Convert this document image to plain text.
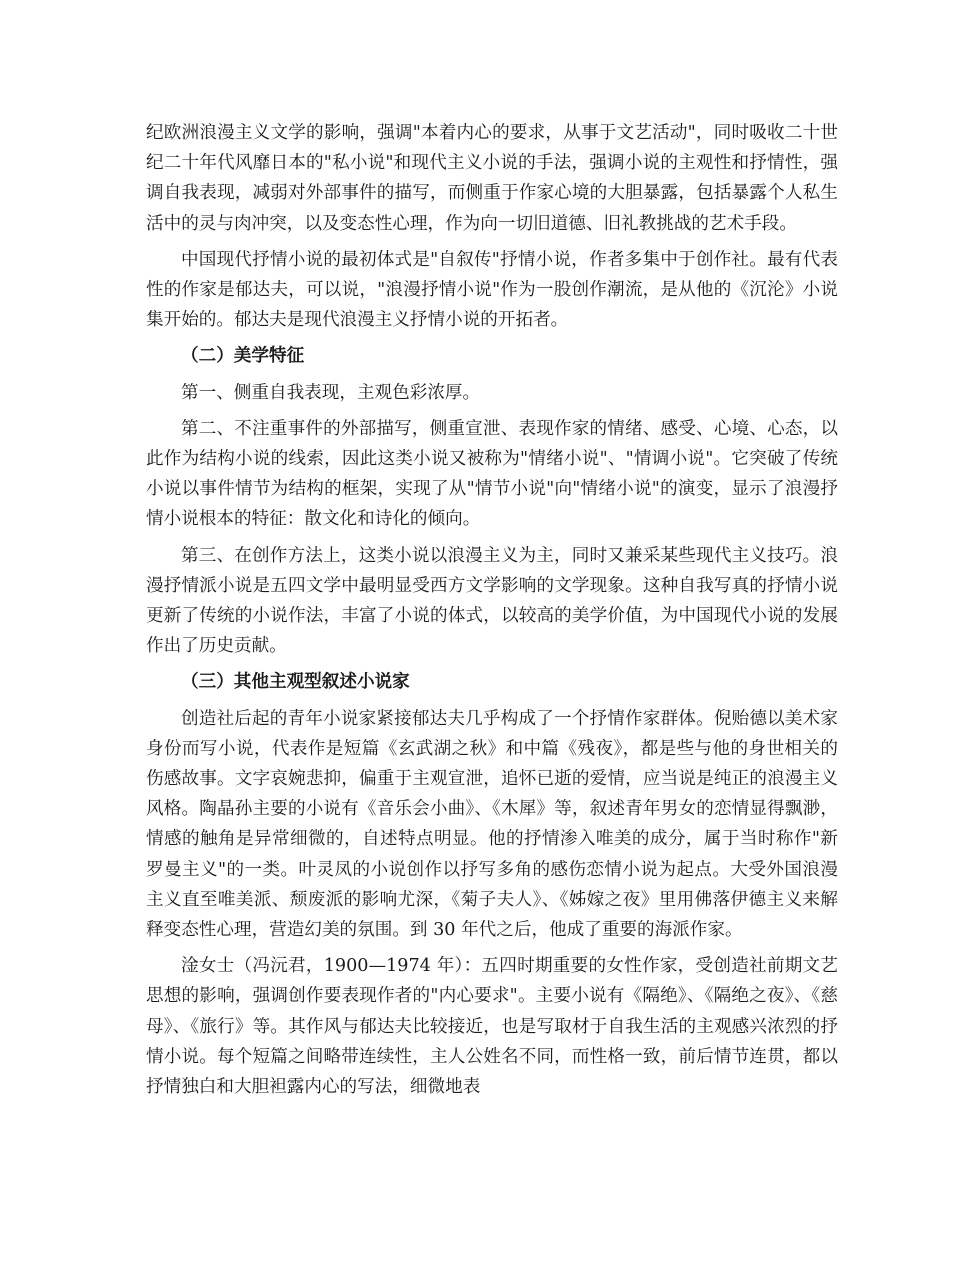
纪欧洲浪漫主义文学的影响，强调"本着内心的要求，从事于文艺活动"，同时吸收二十世纪二十年代风靡日本的"私小说"和现代主义小说的手法，强调小说的主观性和抒情性，强调自我表现，减弱对外部事件的描写，而侧重于作家心境的大胆暴露，包括暴露个人私生活中的灵与肉冲突，以及变态性心理，作为向一切旧道德、旧礼教挑战的艺术手段。

中国现代抒情小说的最初体式是"自叙传"抒情小说，作者多集中于创作社。最有代表性的作家是郁达夫，可以说，"浪漫抒情小说"作为一股创作潮流，是从他的《沉沦》小说集开始的。郁达夫是现代浪漫主义抒情小说的开拓者。

（二）美学特征

第一、侧重自我表现，主观色彩浓厚。

第二、不注重事件的外部描写，侧重宣泄、表现作家的情绪、感受、心境、心态，以此作为结构小说的线索，因此这类小说又被称为"情绪小说"、"情调小说"。它突破了传统小说以事件情节为结构的框架，实现了从"情节小说"向"情绪小说"的演变，显示了浪漫抒情小说根本的特征：散文化和诗化的倾向。

第三、在创作方法上，这类小说以浪漫主义为主，同时又兼采某些现代主义技巧。浪漫抒情派小说是五四文学中最明显受西方文学影响的文学现象。这种自我写真的抒情小说更新了传统的小说作法，丰富了小说的体式，以较高的美学价值，为中国现代小说的发展作出了历史贡献。

（三）其他主观型叙述小说家

创造社后起的青年小说家紧接郁达夫几乎构成了一个抒情作家群体。倪贻德以美术家身份而写小说，代表作是短篇《玄武湖之秋》和中篇《残夜》，都是些与他的身世相关的伤感故事。文字哀婉悲抑，偏重于主观宣泄，追怀已逝的爱情，应当说是纯正的浪漫主义风格。陶晶孙主要的小说有《音乐会小曲》、《木犀》等，叙述青年男女的恋情显得飘渺，情感的触角是异常细微的，自述特点明显。他的抒情渗入唯美的成分，属于当时称作"新罗曼主义"的一类。叶灵凤的小说创作以抒写多角的感伤恋情小说为起点。大受外国浪漫主义直至唯美派、颓废派的影响尤深，《菊子夫人》、《姊嫁之夜》里用佛落伊德主义来解释变态性心理，营造幻美的氛围。到 30 年代之后，他成了重要的海派作家。

淦女士（冯沅君，1900—1974 年）：五四时期重要的女性作家，受创造社前期文艺思想的影响，强调创作要表现作者的"内心要求"。主要小说有《隔绝》、《隔绝之夜》、《慈母》、《旅行》等。其作风与郁达夫比较接近，也是写取材于自我生活的主观感兴浓烈的抒情小说。每个短篇之间略带连续性，主人公姓名不同，而性格一致，前后情节连贯，都以抒情独白和大胆袒露内心的写法，细微地表
